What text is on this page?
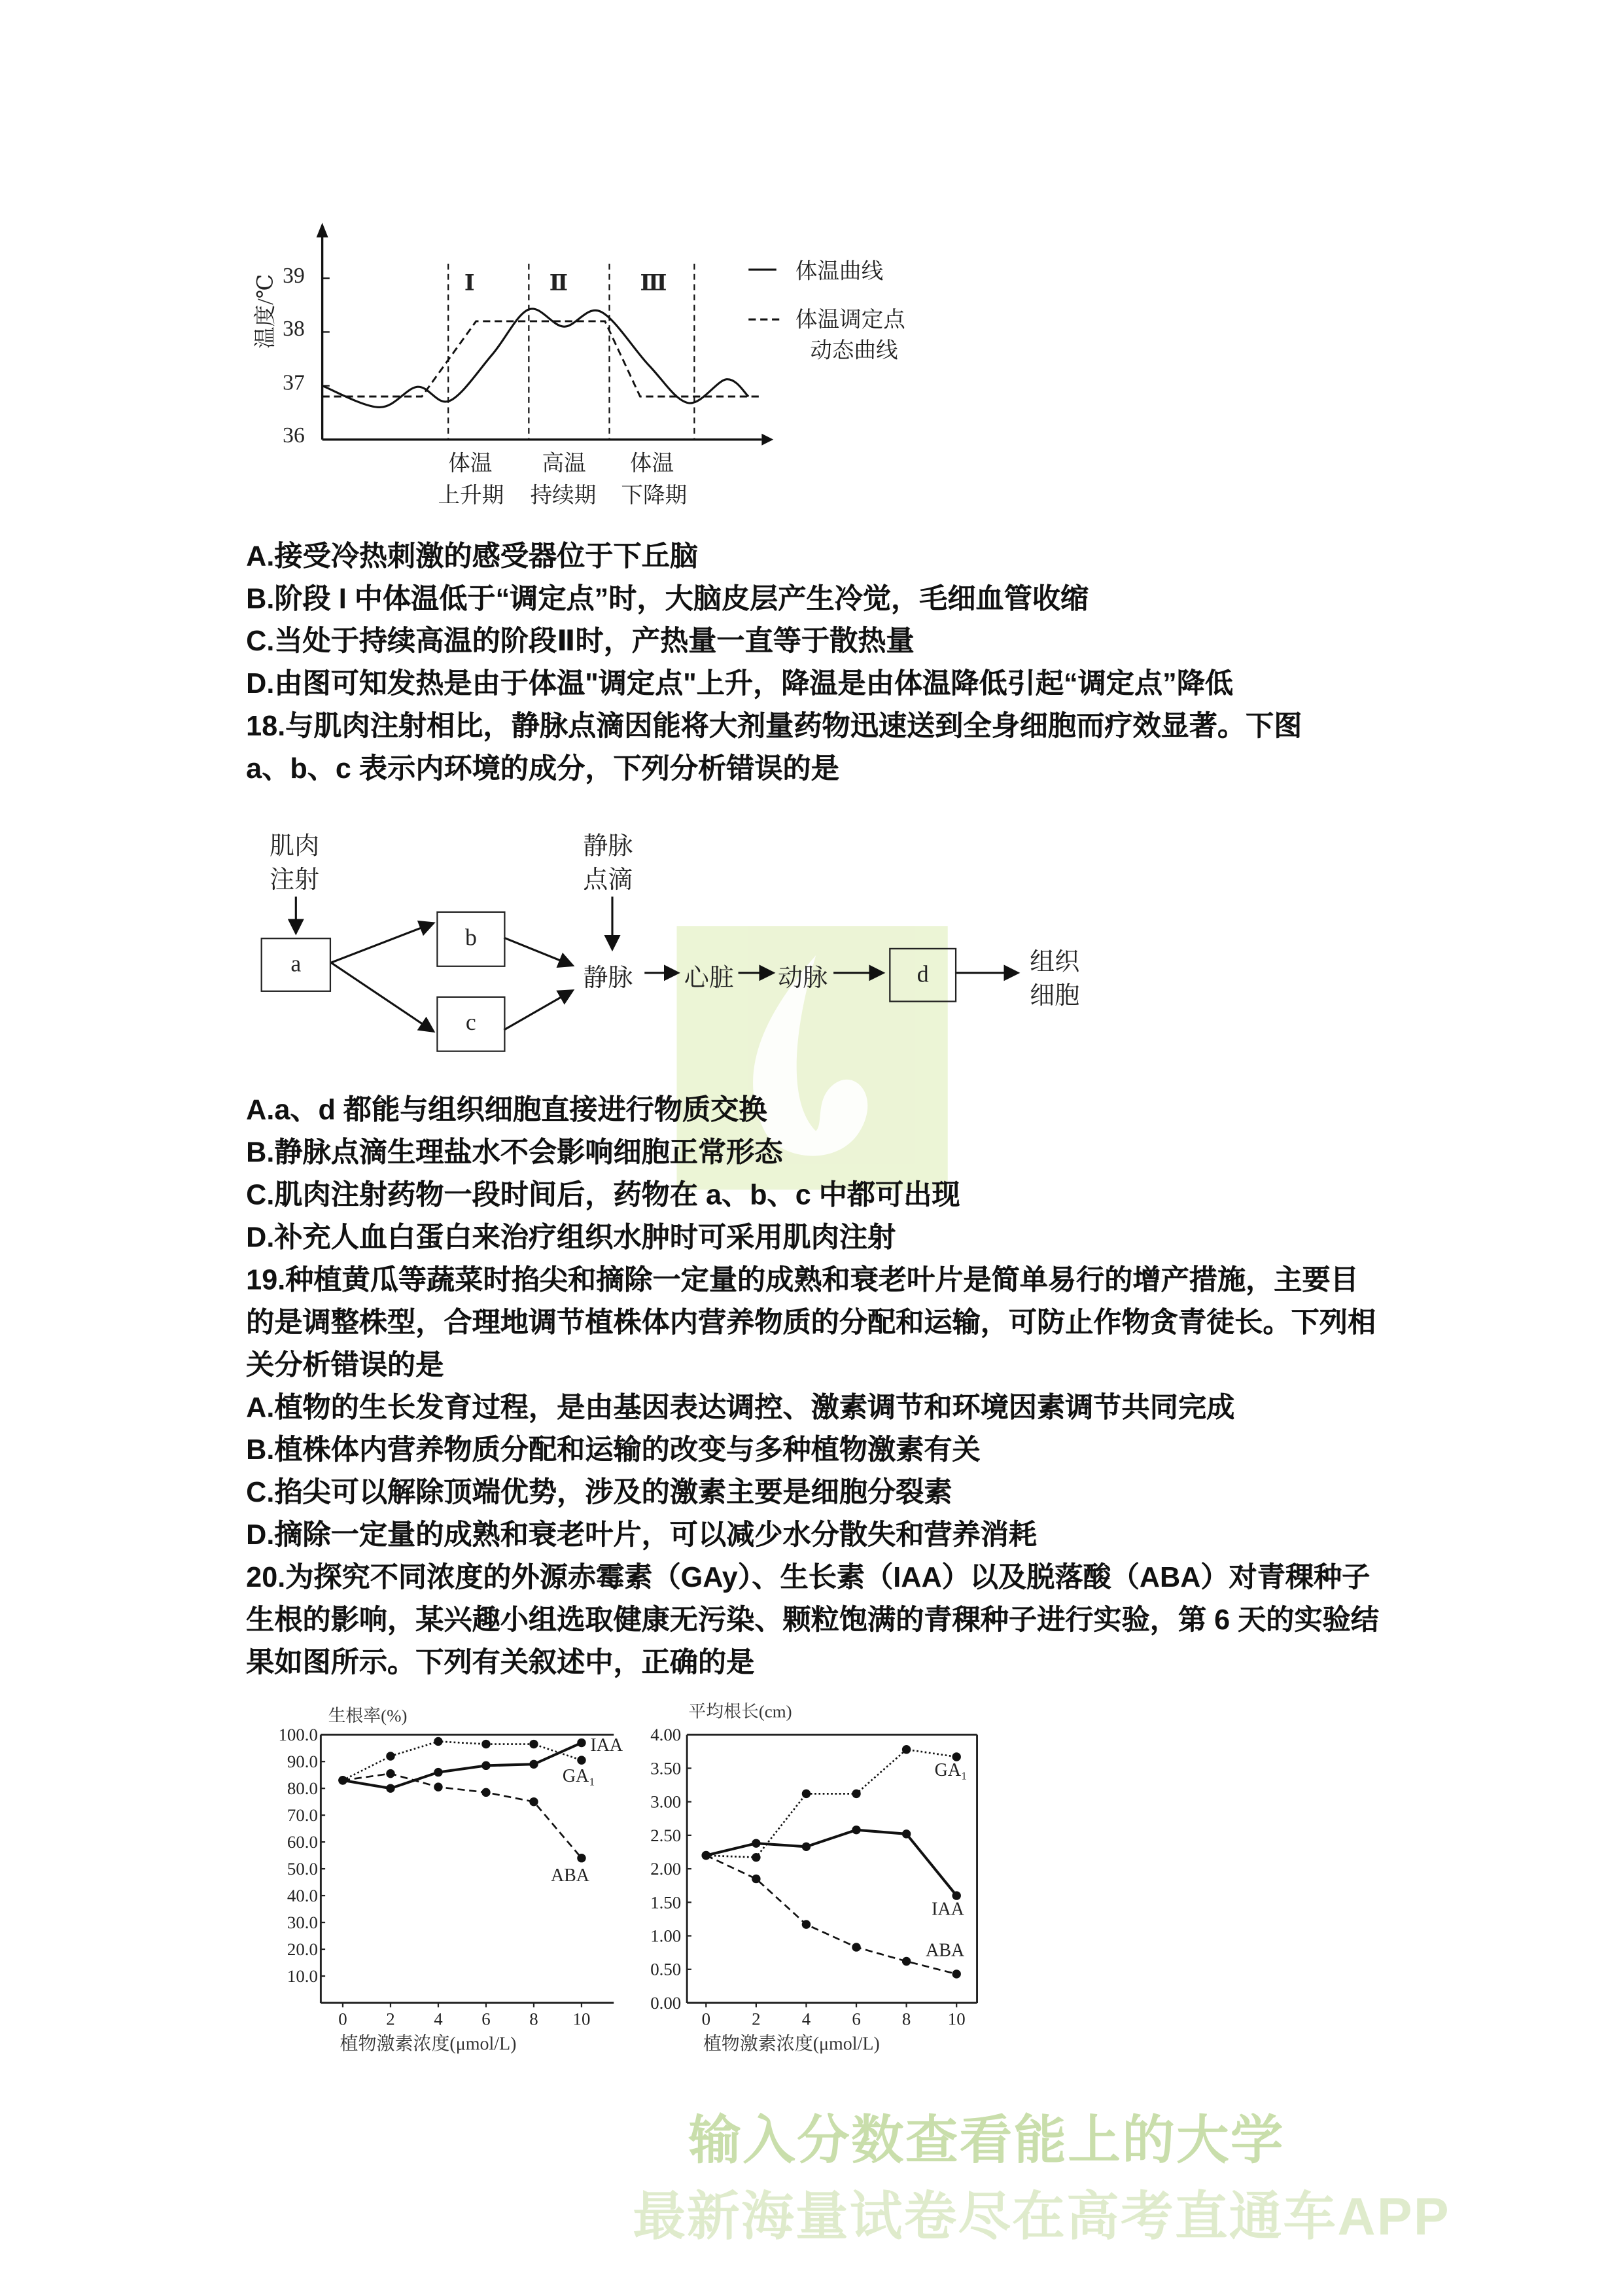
输入分数查看能上的大学
最新海量试卷尽在高考直通车APP
温度/℃ 39
38
37
36
Ⅰ	Ⅱ	Ⅲ
体温
上升期
高温
持续期
体温
下降期
体温曲线
体温调定点
动态曲线
A.接受冷热刺激的感受器位于下丘脑
B.阶段 I 中体温低于“调定点”时，大脑皮层产生冷觉，毛细血管收缩
C.当处于持续高温的阶段Ⅱ时，产热量一直等于散热量
D.由图可知发热是由于体温"调定点"上升，降温是由体温降低引起“调定点”降低
18.与肌肉注射相比，静脉点滴因能将大剂量药物迅速送到全身细胞而疗效显著。下图
a、b、c 表示内环境的成分，下列分析错误的是
肌肉
注射
静脉
点滴
a
b
c
d
静脉	心脏	动脉
组织
细胞
A.a、d 都能与组织细胞直接进行物质交换
B.静脉点滴生理盐水不会影响细胞正常形态
C.肌肉注射药物一段时间后，药物在 a、b、c 中都可出现
D.补充人血白蛋白来治疗组织水肿时可采用肌肉注射
19.种植黄瓜等蔬菜时掐尖和摘除一定量的成熟和衰老叶片是简单易行的增产措施，主要目
的是调整株型，合理地调节植株体内营养物质的分配和运输，可防止作物贪青徒长。下列相
关分析错误的是
A.植物的生长发育过程，是由基因表达调控、激素调节和环境因素调节共同完成
B.植株体内营养物质分配和运输的改变与多种植物激素有关
C.掐尖可以解除顶端优势，涉及的激素主要是细胞分裂素
D.摘除一定量的成熟和衰老叶片，可以减少水分散失和营养消耗
20.为探究不同浓度的外源赤霉素（GAy）、生长素（IAA）以及脱落酸（ABA）对青稞种子
生根的影响，某兴趣小组选取健康无污染、颗粒饱满的青稞种子进行实验，第 6 天的实验结
果如图所示。下列有关叙述中，正确的是
100.0
90.0
80.0
70.0
60.0
50.0
40.0
30.0
20.0
10.0
0	2	4	6	8	10
生根率(%)
植物激素浓度(μmol/L)
GA₁
IAA
ABA
4.00
3.50
3.00
2.50
2.00
1.50
1.00
0.50
0.00
0	2	4	6	8	10
平均根长(cm)
植物激素浓度(μmol/L)
GA₁
IAA
ABA
